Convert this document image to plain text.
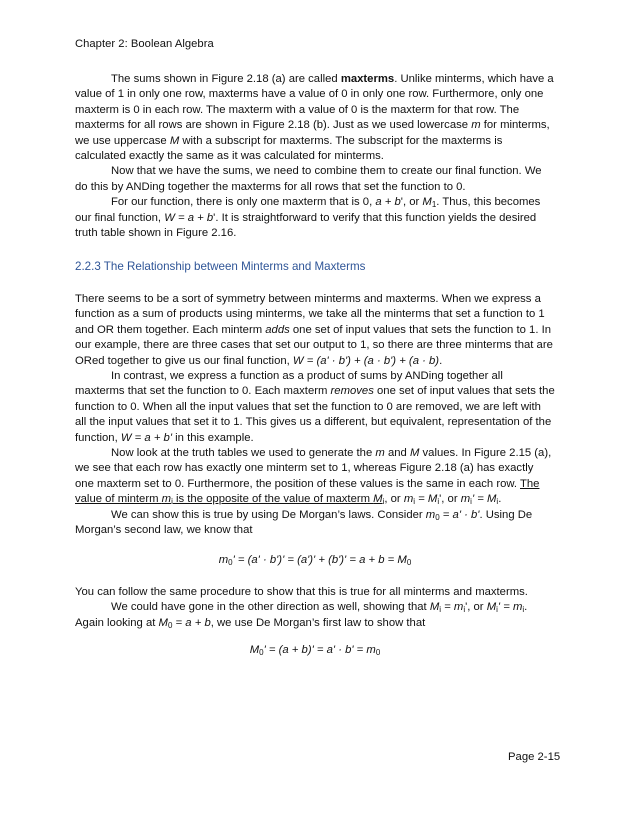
Chapter 2: Boolean Algebra

The sums shown in Figure 2.18 (a) are called maxterms. Unlike minterms, which have a value of 1 in only one row, maxterms have a value of 0 in only one row. Furthermore, only one maxterm is 0 in each row. The maxterm with a value of 0 is the maxterm for that row. The maxterms for all rows are shown in Figure 2.18 (b). Just as we used lowercase m for minterms, we use uppercase M with a subscript for maxterms. The subscript for the maxterms is calculated exactly the same as it was calculated for minterms.

Now that we have the sums, we need to combine them to create our final function. We do this by ANDing together the maxterms for all rows that set the function to 0.

For our function, there is only one maxterm that is 0, a + b', or $M_1$. Thus, this becomes our final function, W = a + b'. It is straightforward to verify that this function yields the desired truth table shown in Figure 2.16.

2.2.3 The Relationship between Minterms and Maxterms

There seems to be a sort of symmetry between minterms and maxterms. When we express a function as a sum of products using minterms, we take all the minterms that set a function to 1 and OR them together. Each minterm adds one set of input values that sets the function to 1. In our example, there are three cases that set our output to 1, so there are three minterms that are ORed together to give us our final function, W = (a' · b') + (a · b') + (a · b).

In contrast, we express a function as a product of sums by ANDing together all maxterms that set the function to 0. Each maxterm removes one set of input values that sets the function to 0. When all the input values that set the function to 0 are removed, we are left with all the input values that set it to 1. This gives us a different, but equivalent, representation of the function, W = a + b' in this example.

Now look at the truth tables we used to generate the m and M values. In Figure 2.15 (a), we see that each row has exactly one minterm set to 1, whereas Figure 2.18 (a) has exactly one maxterm set to 0. Furthermore, the position of these values is the same in each row. The value of minterm $m_i$ is the opposite of the value of maxterm $M_i$, or $m_i = M_i'$, or $m_i' = M_i$.

We can show this is true by using De Morgan’s laws. Consider $m_0 = a' \cdot b'$. Using De Morgan’s second law, we know that

$m_0' = (a' \cdot b')' = (a')' + (b')' = a + b = M_0$

You can follow the same procedure to show that this is true for all minterms and maxterms.

We could have gone in the other direction as well, showing that $M_i = m_i'$, or $M_i' = m_i$. Again looking at $M_0 = a + b$, we use De Morgan’s first law to show that

$M_0' = (a + b)' = a' \cdot b' = m_0$
Page 2-15
